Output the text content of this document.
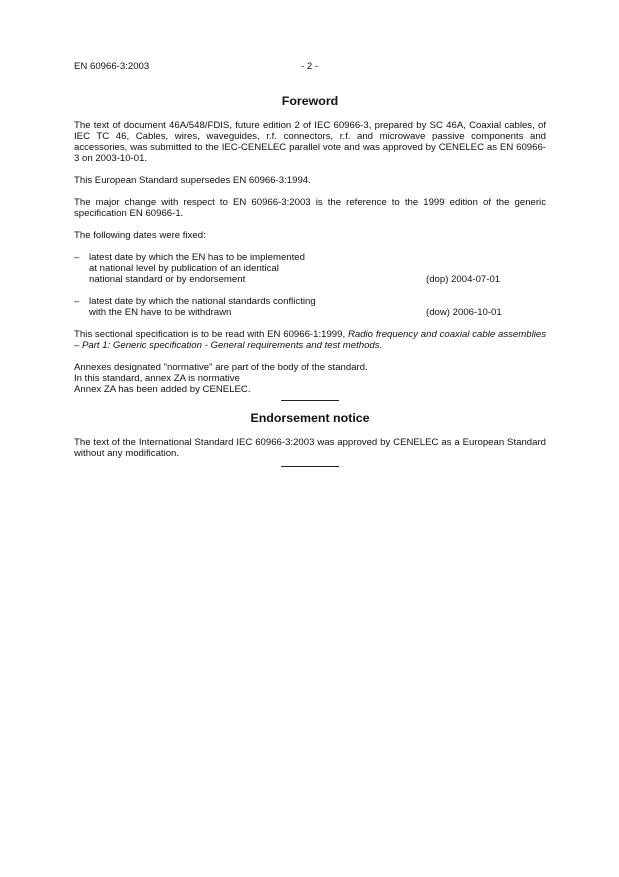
EN 60966-3:2003	- 2 -
Foreword

The text of document 46A/548/FDIS, future edition 2 of IEC 60966-3, prepared by SC 46A, Coaxial cables, of IEC TC 46, Cables, wires, waveguides, r.f. connectors, r.f. and microwave passive components and accessories, was submitted to the IEC-CENELEC parallel vote and was approved by CENELEC as EN 60966-3 on 2003-10-01.

This European Standard supersedes EN 60966-3:1994.

The major change with respect to EN 60966-3:2003 is the reference to the 1999 edition of the generic specification EN 60966-1.

The following dates were fixed:

– latest date by which the EN has to be implemented
at national level by publication of an identical
national standard or by endorsement	(dop) 2004-07-01
– latest date by which the national standards conflicting
with the EN have to be withdrawn	(dow) 2006-10-01

This sectional specification is to be read with EN 60966-1:1999, Radio frequency and coaxial cable assemblies – Part 1: Generic specification - General requirements and test methods.

Annexes designated "normative" are part of the body of the standard.
In this standard, annex ZA is normative
Annex ZA has been added by CENELEC.
Endorsement notice

The text of the International Standard IEC 60966-3:2003 was approved by CENELEC as a European Standard without any modification.
